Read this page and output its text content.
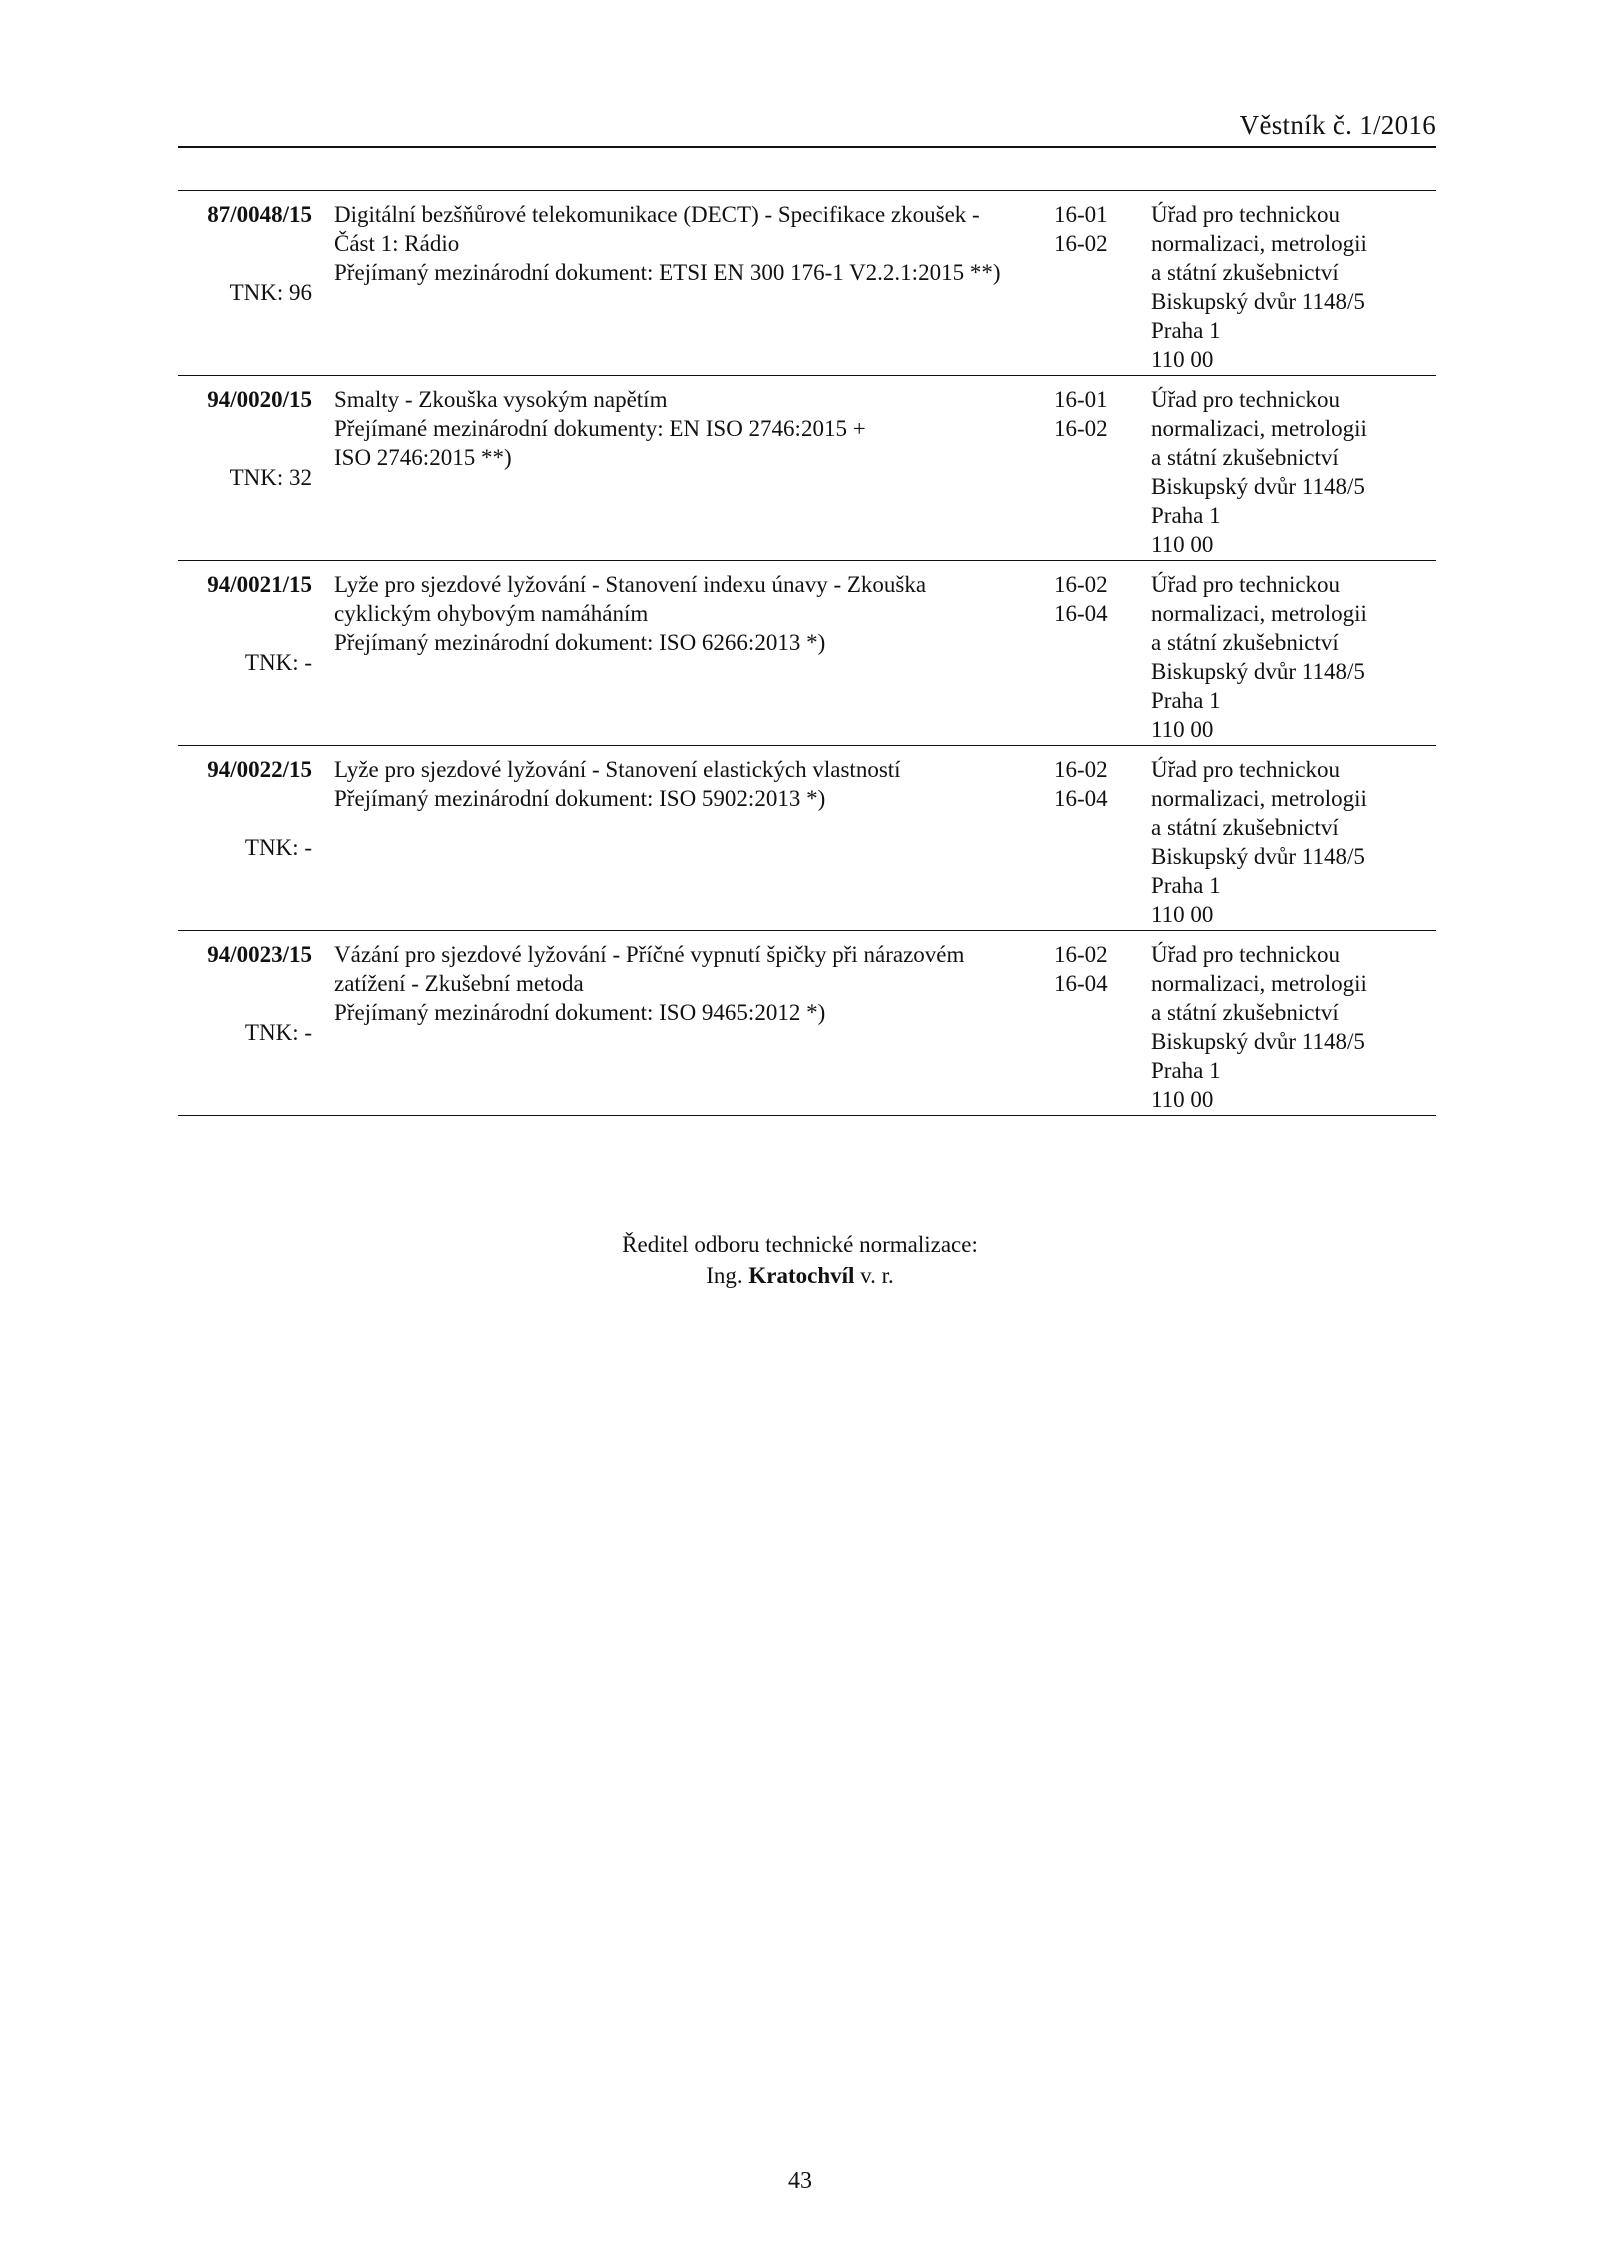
Věstník č. 1/2016
87/0048/15
TNK: 96
Digitální bezšňůrové telekomunikace (DECT) - Specifikace zkoušek -
Část 1: Rádio
Přejímaný mezinárodní dokument: ETSI EN 300 176-1 V2.2.1:2015 **)
16-01
16-02
Úřad pro technickou
normalizaci, metrologii
a státní zkušebnictví
Biskupský dvůr 1148/5
Praha 1
110 00
94/0020/15
TNK: 32
Smalty - Zkouška vysokým napětím
Přejímané mezinárodní dokumenty: EN ISO 2746:2015 +
ISO 2746:2015 **)
16-01
16-02
Úřad pro technickou
normalizaci, metrologii
a státní zkušebnictví
Biskupský dvůr 1148/5
Praha 1
110 00
94/0021/15
TNK: -
Lyže pro sjezdové lyžování - Stanovení indexu únavy - Zkouška
cyklickým ohybovým namáháním
Přejímaný mezinárodní dokument: ISO 6266:2013 *)
16-02
16-04
Úřad pro technickou
normalizaci, metrologii
a státní zkušebnictví
Biskupský dvůr 1148/5
Praha 1
110 00
94/0022/15
TNK: -
Lyže pro sjezdové lyžování - Stanovení elastických vlastností
Přejímaný mezinárodní dokument: ISO 5902:2013 *)
16-02
16-04
Úřad pro technickou
normalizaci, metrologii
a státní zkušebnictví
Biskupský dvůr 1148/5
Praha 1
110 00
94/0023/15
TNK: -
Vázání pro sjezdové lyžování - Příčné vypnutí špičky při nárazovém
zatížení - Zkušební metoda
Přejímaný mezinárodní dokument: ISO 9465:2012 *)
16-02
16-04
Úřad pro technickou
normalizaci, metrologii
a státní zkušebnictví
Biskupský dvůr 1148/5
Praha 1
110 00
Ředitel odboru technické normalizace:
Ing. Kratochvíl v. r.
43
